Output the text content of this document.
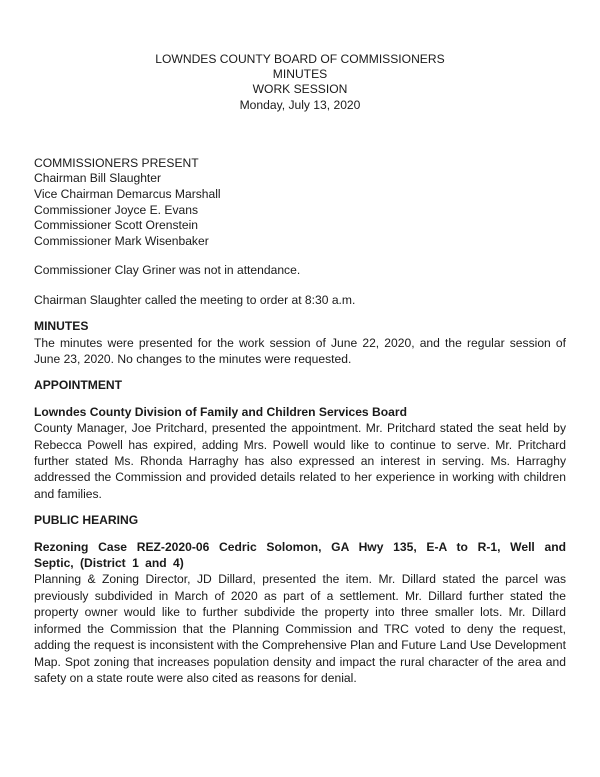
LOWNDES COUNTY BOARD OF COMMISSIONERS
MINUTES
WORK SESSION
Monday, July 13, 2020

COMMISSIONERS PRESENT

Chairman Bill Slaughter

Vice Chairman Demarcus Marshall

Commissioner Joyce E. Evans

Commissioner Scott Orenstein

Commissioner Mark Wisenbaker

Commissioner Clay Griner was not in attendance.

Chairman Slaughter called the meeting to order at 8:30 a.m.

MINUTES

The minutes were presented for the work session of June 22, 2020, and the regular session of June 23, 2020. No changes to the minutes were requested.

APPOINTMENT

Lowndes County Division of Family and Children Services Board

County Manager, Joe Pritchard, presented the appointment. Mr. Pritchard stated the seat held by Rebecca Powell has expired, adding Mrs. Powell would like to continue to serve. Mr. Pritchard further stated Ms. Rhonda Harraghy has also expressed an interest in serving. Ms. Harraghy addressed the Commission and provided details related to her experience in working with children and families.

PUBLIC HEARING

Rezoning Case REZ-2020-06 Cedric Solomon, GA Hwy 135, E-A to R-1, Well and Septic, (District 1 and 4)

Planning & Zoning Director, JD Dillard, presented the item. Mr. Dillard stated the parcel was previously subdivided in March of 2020 as part of a settlement. Mr. Dillard further stated the property owner would like to further subdivide the property into three smaller lots. Mr. Dillard informed the Commission that the Planning Commission and TRC voted to deny the request, adding the request is inconsistent with the Comprehensive Plan and Future Land Use Development Map. Spot zoning that increases population density and impact the rural character of the area and safety on a state route were also cited as reasons for denial.
